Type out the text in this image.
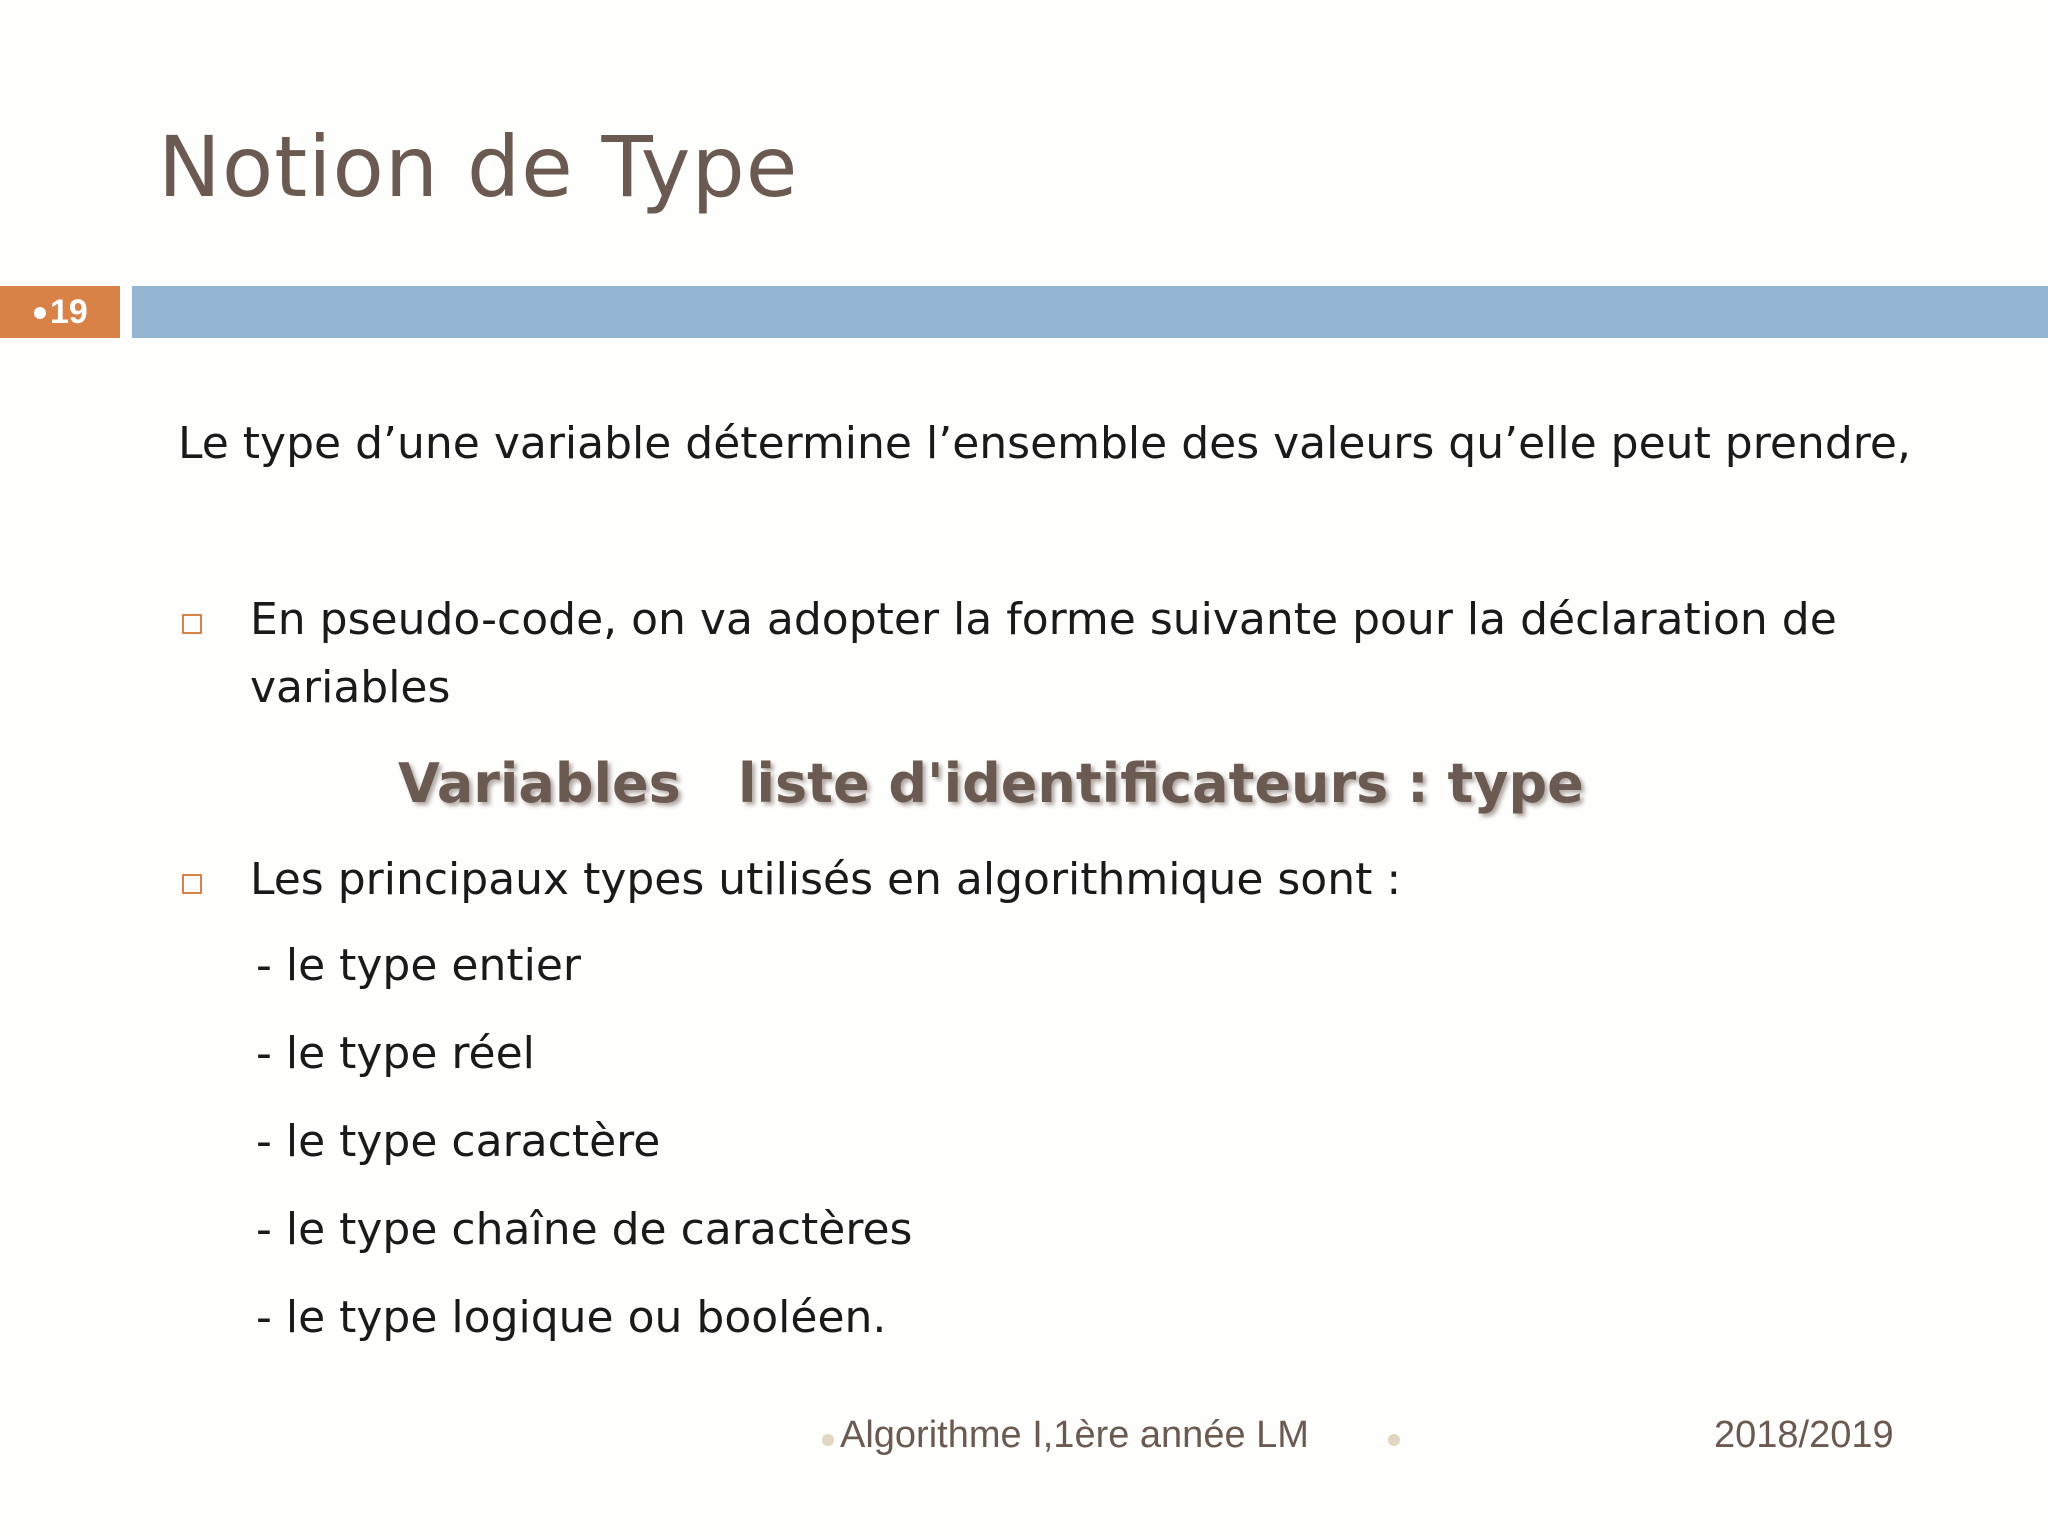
Notion de Type
19
Le type d’une variable détermine l’ensemble des valeurs qu’elle peut prendre,
En pseudo-code, on va adopter la forme suivante pour la déclaration de
variables
Variables liste d'identificateurs : type
Les principaux types utilisés en algorithmique sont :
- le type entier
- le type réel
- le type caractère
- le type chaîne de caractères
- le type logique ou booléen.
Algorithme I,1ère année LM	2018/2019
